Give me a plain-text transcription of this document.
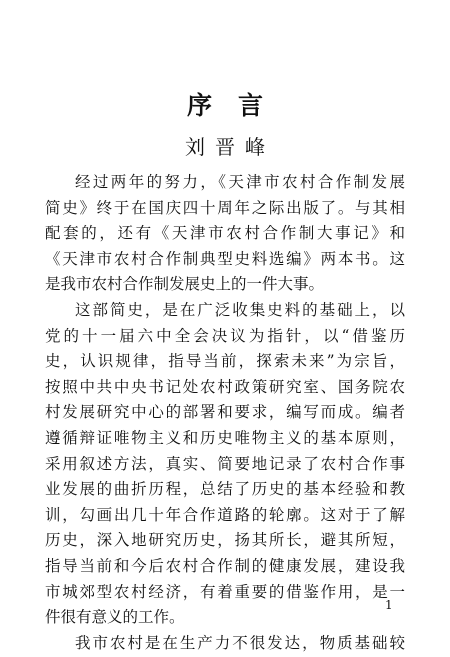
序言
刘晋峰
经过两年的努力，《天津市农村合作制发展
简史》终于在国庆四十周年之际出版了。与其相
配套的，还有《天津市农村合作制大事记》和
《天津市农村合作制典型史料选编》两本书。这
是我市农村合作制发展史上的一件大事。
这部简史，是在广泛收集史料的基础上，以
党的十一届六中全会决议为指针，以“借鉴历
史，认识规律，指导当前，探索未来”为宗旨，
按照中共中央书记处农村政策研究室、国务院农
村发展研究中心的部署和要求，编写而成。编者
遵循辩证唯物主义和历史唯物主义的基本原则，
采用叙述方法，真实、简要地记录了农村合作事
业发展的曲折历程，总结了历史的基本经验和教
训，勾画出几十年合作道路的轮廓。这对于了解
历史，深入地研究历史，扬其所长，避其所短，
指导当前和今后农村合作制的健康发展，建设我
市城郊型农村经济，有着重要的借鉴作用，是一
件很有意义的工作。
我市农村是在生产力不很发达，物质基础较
1
